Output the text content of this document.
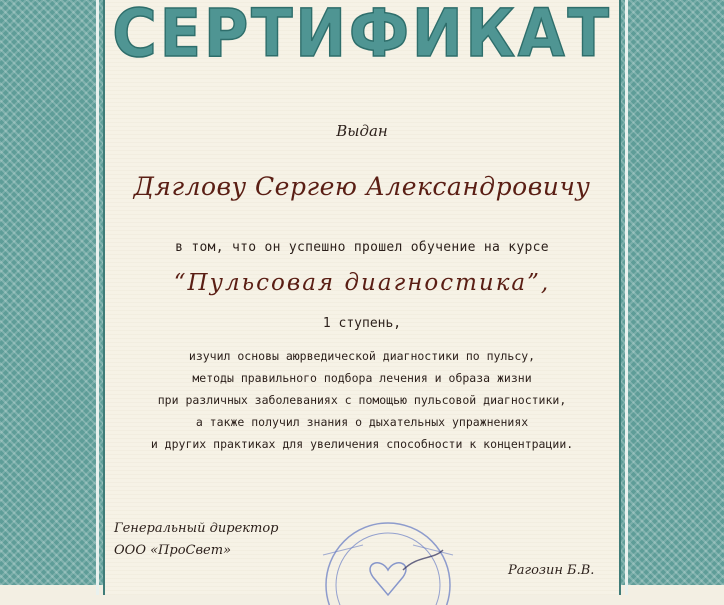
СЕРТИФИКАТ
Выдан
Дяглову Сергею Александровичу
в том, что он успешно прошел обучение на курсе
“Пульсовая диагностика”,
1 ступень,
изучил основы аюрведической диагностики по пульсу,
методы правильного подбора лечения и образа жизни
при различных заболеваниях с помощью пульсовой диагностики,
а также получил знания о дыхательных упражнениях
и других практиках для увеличения способности к концентрации.
Генеральный директор
ООО «ПроСвет»
Рагозин Б.В.
